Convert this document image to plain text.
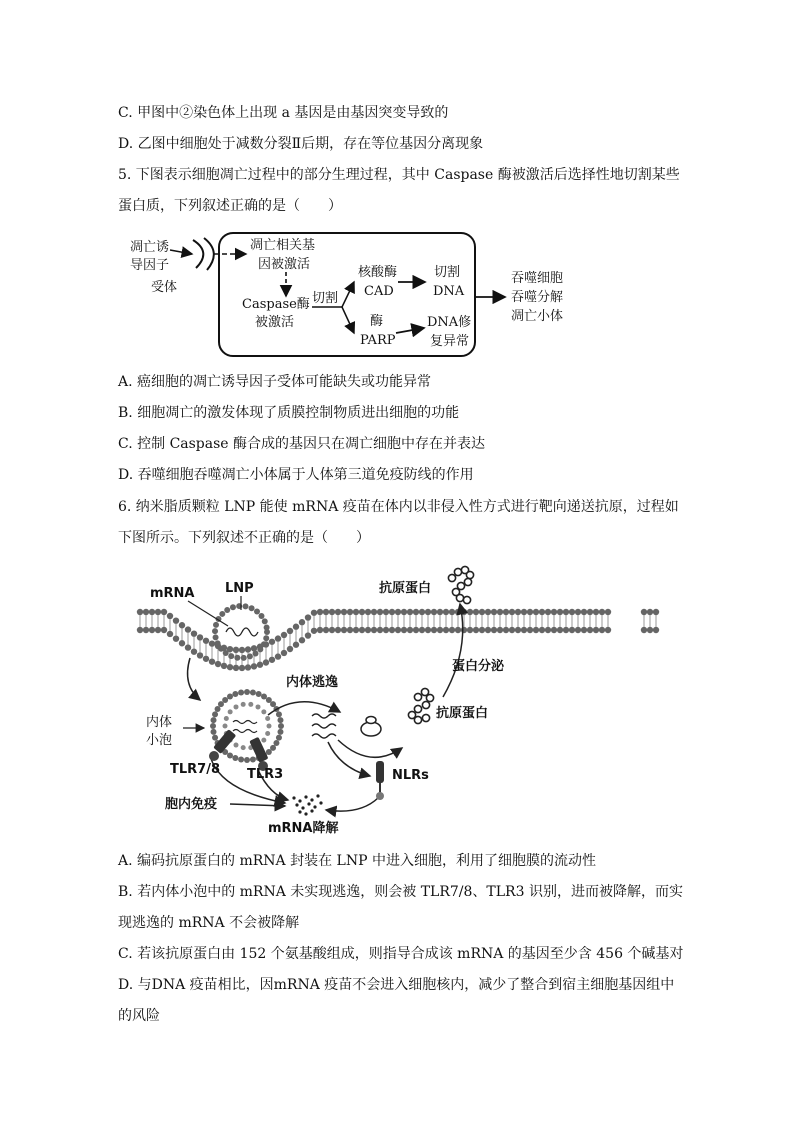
C. 甲图中②染色体上出现 a 基因是由基因突变导致的
D. 乙图中细胞处于减数分裂Ⅱ后期，存在等位基因分离现象
5. 下图表示细胞凋亡过程中的部分生理过程，其中 Caspase 酶被激活后选择性地切割某些
蛋白质，下列叙述正确的是（　　）
凋亡诱
导因子
受体
凋亡相关基
因被激活
Caspase酶
被激活
切割
核酸酶
CAD
切割
DNA
酶
PARP
DNA修
复异常
吞噬细胞
吞噬分解
凋亡小体
A. 癌细胞的凋亡诱导因子受体可能缺失或功能异常
B. 细胞凋亡的激发体现了质膜控制物质进出细胞的功能
C. 控制 Caspase 酶合成的基因只在凋亡细胞中存在并表达
D. 吞噬细胞吞噬凋亡小体属于人体第三道免疫防线的作用
6. 纳米脂质颗粒 LNP 能使 mRNA 疫苗在体内以非侵入性方式进行靶向递送抗原，过程如
下图所示。下列叙述不正确的是（　　）
mRNA LNP	抗原蛋白
蛋白分泌
内体逃逸
内体
小泡
抗原蛋白
TLR7/8 TLR3	NLRs
胞内免疫
mRNA降解
A. 编码抗原蛋白的 mRNA 封装在 LNP 中进入细胞，利用了细胞膜的流动性
B. 若内体小泡中的 mRNA 未实现逃逸，则会被 TLR7/8、TLR3 识别，进而被降解，而实
现逃逸的 mRNA 不会被降解
C. 若该抗原蛋白由 152 个氨基酸组成，则指导合成该 mRNA 的基因至少含 456 个碱基对
D. 与DNA 疫苗相比，因mRNA 疫苗不会进入细胞核内，减少了整合到宿主细胞基因组中
的风险
